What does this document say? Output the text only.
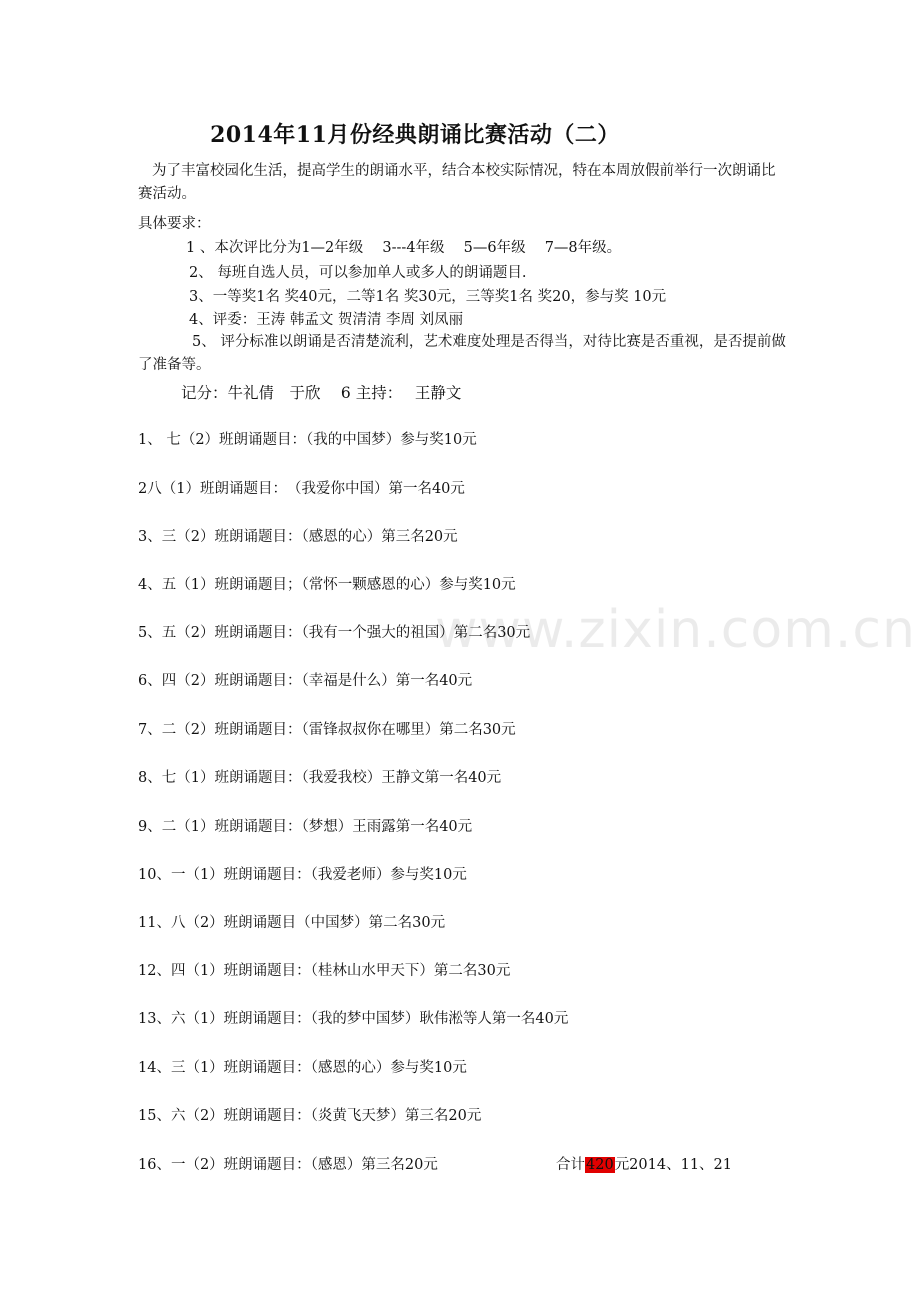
www.zixin.com.cn
2014年11月份经典朗诵比赛活动（二）
为了丰富校园化生活，提高学生的朗诵水平，结合本校实际情况，特在本周放假前举行一次朗诵比赛活动。
具体要求：
1 、本次评比分为1—2年级　 3---4年级　 5—6年级　 7—8年级。
2、 每班自选人员，可以参加单人或多人的朗诵题目.
3、一等奖1名 奖40元，二等1名 奖30元，三等奖1名 奖20，参与奖 10元
4、评委：王涛 韩孟文 贺清清 李周 刘凤丽
5、 评分标准以朗诵是否清楚流利，艺术难度处理是否得当，对待比赛是否重视，是否提前做了准备等。
记分：牛礼倩　于欣　 6 主持：　 王静文
1、 七（2）班朗诵题目：（我的中国梦）参与奖10元
2八（1）班朗诵题目：　（我爱你中国）第一名40元
3、三（2）班朗诵题目：（感恩的心）第三名20元
4、五（1）班朗诵题目；（常怀一颗感恩的心）参与奖10元
5、五（2）班朗诵题目：（我有一个强大的祖国）第二名30元
6、四（2）班朗诵题目：（幸福是什么）第一名40元
7、二（2）班朗诵题目：（雷锋叔叔你在哪里）第二名30元
8、七（1）班朗诵题目：（我爱我校）王静文第一名40元
9、二（1）班朗诵题目：（梦想）王雨露第一名40元
10、一（1）班朗诵题目：（我爱老师）参与奖10元
11、八（2）班朗诵题目（中国梦）第二名30元
12、四（1）班朗诵题目：（桂林山水甲天下）第二名30元
13、六（1）班朗诵题目：（我的梦中国梦）耿伟淞等人第一名40元
14、三（1）班朗诵题目：（感恩的心）参与奖10元
15、六（2）班朗诵题目：（炎黄飞天梦）第三名20元
16、一（2）班朗诵题目：（感恩）第三名20元	合计420元2014、11、21
